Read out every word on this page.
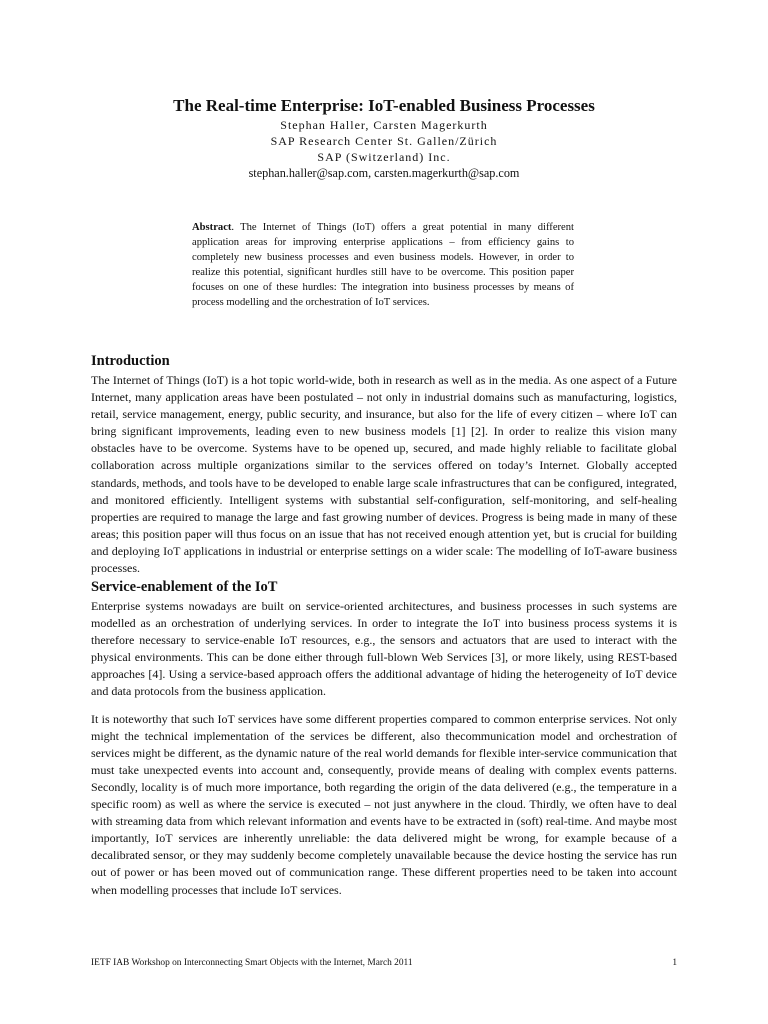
The Real-time Enterprise: IoT-enabled Business Processes
Stephan Haller, Carsten Magerkurth
SAP Research Center St. Gallen/Zürich
SAP (Switzerland) Inc.
stephan.haller@sap.com, carsten.magerkurth@sap.com

Abstract. The Internet of Things (IoT) offers a great potential in many different application areas for improving enterprise applications – from efficiency gains to completely new business processes and even business models. However, in order to realize this potential, significant hurdles still have to be overcome. This position paper focuses on one of these hurdles: The integration into business processes by means of process modelling and the orchestration of IoT services.

Introduction

The Internet of Things (IoT) is a hot topic world-wide, both in research as well as in the media. As one aspect of a Future Internet, many application areas have been postulated – not only in industrial domains such as manufacturing, logistics, retail, service management, energy, public security, and insurance, but also for the life of every citizen – where IoT can bring significant improvements, leading even to new business models [1] [2]. In order to realize this vision many obstacles have to be overcome. Systems have to be opened up, secured, and made highly reliable to facilitate global collaboration across multiple organizations similar to the services offered on today’s Internet. Globally accepted standards, methods, and tools have to be developed to enable large scale infrastructures that can be configured, integrated, and monitored efficiently. Intelligent systems with substantial self-configuration, self-monitoring, and self-healing properties are required to manage the large and fast growing number of devices. Progress is being made in many of these areas; this position paper will thus focus on an issue that has not received enough attention yet, but is crucial for building and deploying IoT applications in industrial or enterprise settings on a wider scale: The modelling of IoT-aware business processes.

Service-enablement of the IoT

Enterprise systems nowadays are built on service-oriented architectures, and business processes in such systems are modelled as an orchestration of underlying services. In order to integrate the IoT into business process systems it is therefore necessary to service-enable IoT resources, e.g., the sensors and actuators that are used to interact with the physical environments. This can be done either through full-blown Web Services [3], or more likely, using REST-based approaches [4]. Using a service-based approach offers the additional advantage of hiding the heterogeneity of IoT device and data protocols from the business application.

It is noteworthy that such IoT services have some different properties compared to common enterprise services. Not only might the technical implementation of the services be different, also thecommunication model and orchestration of services might be different, as the dynamic nature of the real world demands for flexible inter-service communication that must take unexpected events into account and, consequently, provide means of dealing with complex events patterns. Secondly, locality is of much more importance, both regarding the origin of the data delivered (e.g., the temperature in a specific room) as well as where the service is executed – not just anywhere in the cloud. Thirdly, we often have to deal with streaming data from which relevant information and events have to be extracted in (soft) real-time. And maybe most importantly, IoT services are inherently unreliable: the data delivered might be wrong, for example because of a decalibrated sensor, or they may suddenly become completely unavailable because the device hosting the service has run out of power or has been moved out of communication range. These different properties need to be taken into account when modelling processes that include IoT services.

IETF IAB Workshop on Interconnecting Smart Objects with the Internet, March 2011	1
